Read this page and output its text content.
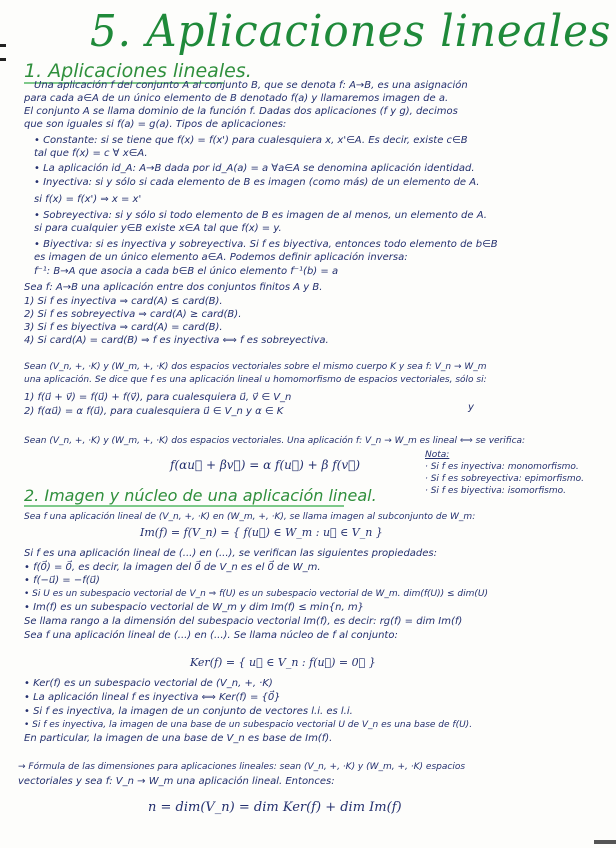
5. Aplicaciones lineales
1. Aplicaciones lineales.
Una aplicación f del conjunto A al conjunto B, que se denota f: A→B, es una asignación
para cada a∈A de un único elemento de B denotado f(a) y llamaremos imagen de a.
El conjunto A se llama dominio de la función f. Dadas dos aplicaciones (f y g), decimos
que son iguales si f(a) = g(a). Tipos de aplicaciones:
• Constante: si se tiene que f(x) = f(x') para cualesquiera x, x'∈A. Es decir, existe c∈B
tal que f(x) = c ∀ x∈A.
• La aplicación id_A: A→B dada por id_A(a) = a ∀a∈A se denomina aplicación identidad.
• Inyectiva: si y sólo si cada elemento de B es imagen (como más) de un elemento de A.
si f(x) = f(x') ⇒ x = x'
• Sobreyectiva: si y sólo si todo elemento de B es imagen de al menos, un elemento de A.
si para cualquier y∈B existe x∈A tal que f(x) = y.
• Biyectiva: si es inyectiva y sobreyectiva. Si f es biyectiva, entonces todo elemento de b∈B
es imagen de un único elemento a∈A. Podemos definir aplicación inversa:
f⁻¹: B→A que asocia a cada b∈B el único elemento f⁻¹(b) = a
Sea f: A→B una aplicación entre dos conjuntos finitos A y B.
1) Si f es inyectiva ⇒ card(A) ≤ card(B).
2) Si f es sobreyectiva ⇒ card(A) ≥ card(B).
3) Si f es biyectiva ⇒ card(A) = card(B).
4) Si card(A) = card(B) ⇒ f es inyectiva ⟺ f es sobreyectiva.
Sean (V_n, +, ·K) y (W_m, +, ·K) dos espacios vectoriales sobre el mismo cuerpo K y sea f: V_n → W_m
una aplicación. Se dice que f es una aplicación lineal u homomorfismo de espacios vectoriales, sólo si:
1) f(u⃗ + v⃗) = f(u⃗) + f(v⃗), para cualesquiera u⃗, v⃗ ∈ V_n
2) f(αu⃗) = α f(u⃗), para cualesquiera u⃗ ∈ V_n y α ∈ K	y
Sean (V_n, +, ·K) y (W_m, +, ·K) dos espacios vectoriales. Una aplicación f: V_n → W_m es lineal ⟺ se verifica:
f(αu⃗ + βv⃗) = α f(u⃗) + β f(v⃗)
Nota:
· Si f es inyectiva: monomorfismo.
· Si f es sobreyectiva: epimorfismo.
· Si f es biyectiva: isomorfismo.
2. Imagen y núcleo de una aplicación lineal.
Sea f una aplicación lineal de (V_n, +, ·K) en (W_m, +, ·K), se llama imagen al subconjunto de W_m:
Im(f) = f(V_n) = { f(u⃗) ∈ W_m : u⃗ ∈ V_n }
Si f es una aplicación lineal de (...) en (...), se verifican las siguientes propiedades:
• f(0⃗) = 0⃗, es decir, la imagen del 0⃗ de V_n es el 0⃗ de W_m.
• f(−u⃗) = −f(u⃗)
• Si U es un subespacio vectorial de V_n ⇒ f(U) es un subespacio vectorial de W_m. dim(f(U)) ≤ dim(U)
• Im(f) es un subespacio vectorial de W_m y dim Im(f) ≤ min{n, m}
Se llama rango a la dimensión del subespacio vectorial Im(f), es decir: rg(f) = dim Im(f)
Sea f una aplicación lineal de (...) en (...). Se llama núcleo de f al conjunto:
Ker(f) = { u⃗ ∈ V_n : f(u⃗) = 0⃗ }
• Ker(f) es un subespacio vectorial de (V_n, +, ·K)
• La aplicación lineal f es inyectiva ⟺ Ker(f) = {0⃗}
• Si f es inyectiva, la imagen de un conjunto de vectores l.i. es l.i.
• Si f es inyectiva, la imagen de una base de un subespacio vectorial U de V_n es una base de f(U).
En particular, la imagen de una base de V_n es base de Im(f).
→ Fórmula de las dimensiones para aplicaciones lineales: sean (V_n, +, ·K) y (W_m, +, ·K) espacios
vectoriales y sea f: V_n → W_m una aplicación lineal. Entonces:
n = dim(V_n) = dim Ker(f) + dim Im(f)
